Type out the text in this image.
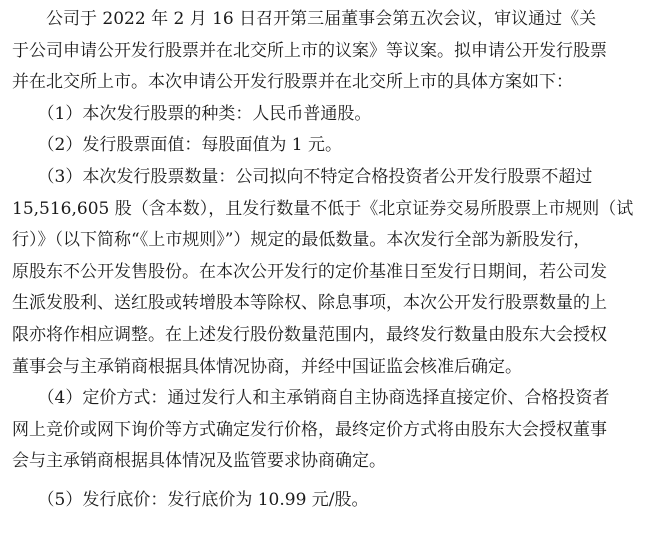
　　公司于 2022 年 2 月 16 日召开第三届董事会第五次会议，审议通过《关
于公司申请公开发行股票并在北交所上市的议案》等议案。拟申请公开发行股票
并在北交所上市。本次申请公开发行股票并在北交所上市的具体方案如下：
　　（1）本次发行股票的种类：人民币普通股。
　　（2）发行股票面值：每股面值为 1 元。
　　（3）本次发行股票数量：公司拟向不特定合格投资者公开发行股票不超过
15,516,605 股（含本数），且发行数量不低于《北京证券交易所股票上市规则（试
行）》（以下简称“《上市规则》”）规定的最低数量。本次发行全部为新股发行，
原股东不公开发售股份。在本次公开发行的定价基准日至发行日期间，若公司发
生派发股利、送红股或转增股本等除权、除息事项，本次公开发行股票数量的上
限亦将作相应调整。在上述发行股份数量范围内，最终发行数量由股东大会授权
董事会与主承销商根据具体情况协商，并经中国证监会核准后确定。
　　（4）定价方式：通过发行人和主承销商自主协商选择直接定价、合格投资者
网上竞价或网下询价等方式确定发行价格，最终定价方式将由股东大会授权董事
会与主承销商根据具体情况及监管要求协商确定。
　　（5）发行底价：发行底价为 10.99 元/股。
